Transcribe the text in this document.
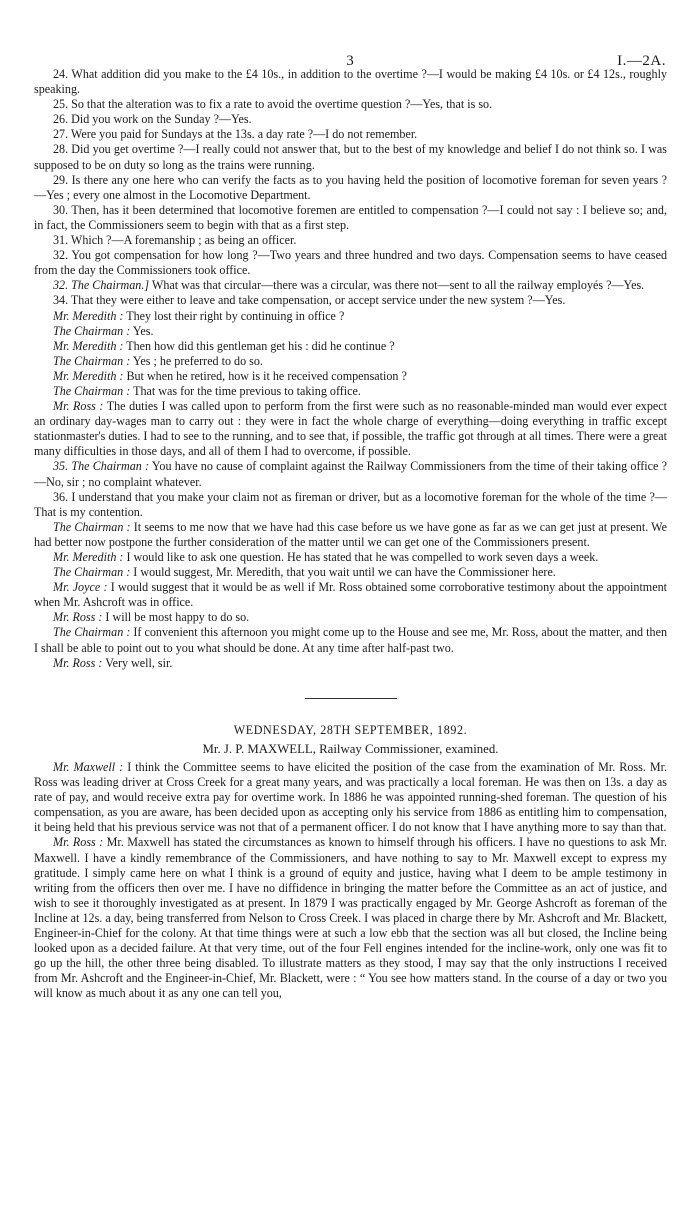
3	I.—2A.

24. What addition did you make to the £4 10s., in addition to the overtime ?—I would be making £4 10s. or £4 12s., roughly speaking.

25. So that the alteration was to fix a rate to avoid the overtime question ?—Yes, that is so.

26. Did you work on the Sunday ?—Yes.

27. Were you paid for Sundays at the 13s. a day rate ?—I do not remember.

28. Did you get overtime ?—I really could not answer that, but to the best of my knowledge and belief I do not think so. I was supposed to be on duty so long as the trains were running.

29. Is there any one here who can verify the facts as to you having held the position of locomotive foreman for seven years ?—Yes ; every one almost in the Locomotive Department.

30. Then, has it been determined that locomotive foremen are entitled to compensation ?—I could not say : I believe so; and, in fact, the Commissioners seem to begin with that as a first step.

31. Which ?—A foremanship ; as being an officer.

32. You got compensation for how long ?—Two years and three hundred and two days. Compensation seems to have ceased from the day the Commissioners took office.

32. The Chairman.] What was that circular—there was a circular, was there not—sent to all the railway employés ?—Yes.

34. That they were either to leave and take compensation, or accept service under the new system ?—Yes.

Mr. Meredith : They lost their right by continuing in office ?

The Chairman : Yes.

Mr. Meredith : Then how did this gentleman get his : did he continue ?

The Chairman : Yes ; he preferred to do so.

Mr. Meredith : But when he retired, how is it he received compensation ?

The Chairman : That was for the time previous to taking office.

Mr. Ross : The duties I was called upon to perform from the first were such as no reasonable-minded man would ever expect an ordinary day-wages man to carry out : they were in fact the whole charge of everything—doing everything in traffic except stationmaster's duties. I had to see to the running, and to see that, if possible, the traffic got through at all times. There were a great many difficulties in those days, and all of them I had to overcome, if possible.

35. The Chairman : You have no cause of complaint against the Railway Commissioners from the time of their taking office ?—No, sir ; no complaint whatever.

36. I understand that you make your claim not as fireman or driver, but as a locomotive foreman for the whole of the time ?—That is my contention.

The Chairman : It seems to me now that we have had this case before us we have gone as far as we can get just at present. We had better now postpone the further consideration of the matter until we can get one of the Commissioners present.

Mr. Meredith : I would like to ask one question. He has stated that he was compelled to work seven days a week.

The Chairman : I would suggest, Mr. Meredith, that you wait until we can have the Commissioner here.

Mr. Joyce : I would suggest that it would be as well if Mr. Ross obtained some corroborative testimony about the appointment when Mr. Ashcroft was in office.

Mr. Ross : I will be most happy to do so.

The Chairman : If convenient this afternoon you might come up to the House and see me, Mr. Ross, about the matter, and then I shall be able to point out to you what should be done. At any time after half-past two.

Mr. Ross : Very well, sir.

WEDNESDAY, 28TH SEPTEMBER, 1892.
Mr. J. P. MAXWELL, Railway Commissioner, examined.

Mr. Maxwell : I think the Committee seems to have elicited the position of the case from the examination of Mr. Ross. Mr. Ross was leading driver at Cross Creek for a great many years, and was practically a local foreman. He was then on 13s. a day as rate of pay, and would receive extra pay for overtime work. In 1886 he was appointed running-shed foreman. The question of his compensation, as you are aware, has been decided upon as accepting only his service from 1886 as entitling him to compensation, it being held that his previous service was not that of a permanent officer. I do not know that I have anything more to say than that.

Mr. Ross : Mr. Maxwell has stated the circumstances as known to himself through his officers. I have no questions to ask Mr. Maxwell. I have a kindly remembrance of the Commissioners, and have nothing to say to Mr. Maxwell except to express my gratitude. I simply came here on what I think is a ground of equity and justice, having what I deem to be ample testimony in writing from the officers then over me. I have no diffidence in bringing the matter before the Committee as an act of justice, and wish to see it thoroughly investigated as at present. In 1879 I was practically engaged by Mr. George Ashcroft as foreman of the Incline at 12s. a day, being transferred from Nelson to Cross Creek. I was placed in charge there by Mr. Ashcroft and Mr. Blackett, Engineer-in-Chief for the colony. At that time things were at such a low ebb that the section was all but closed, the Incline being looked upon as a decided failure. At that very time, out of the four Fell engines intended for the incline-work, only one was fit to go up the hill, the other three being disabled. To illustrate matters as they stood, I may say that the only instructions I received from Mr. Ashcroft and the Engineer-in-Chief, Mr. Blackett, were : “ You see how matters stand. In the course of a day or two you will know as much about it as any one can tell you,
